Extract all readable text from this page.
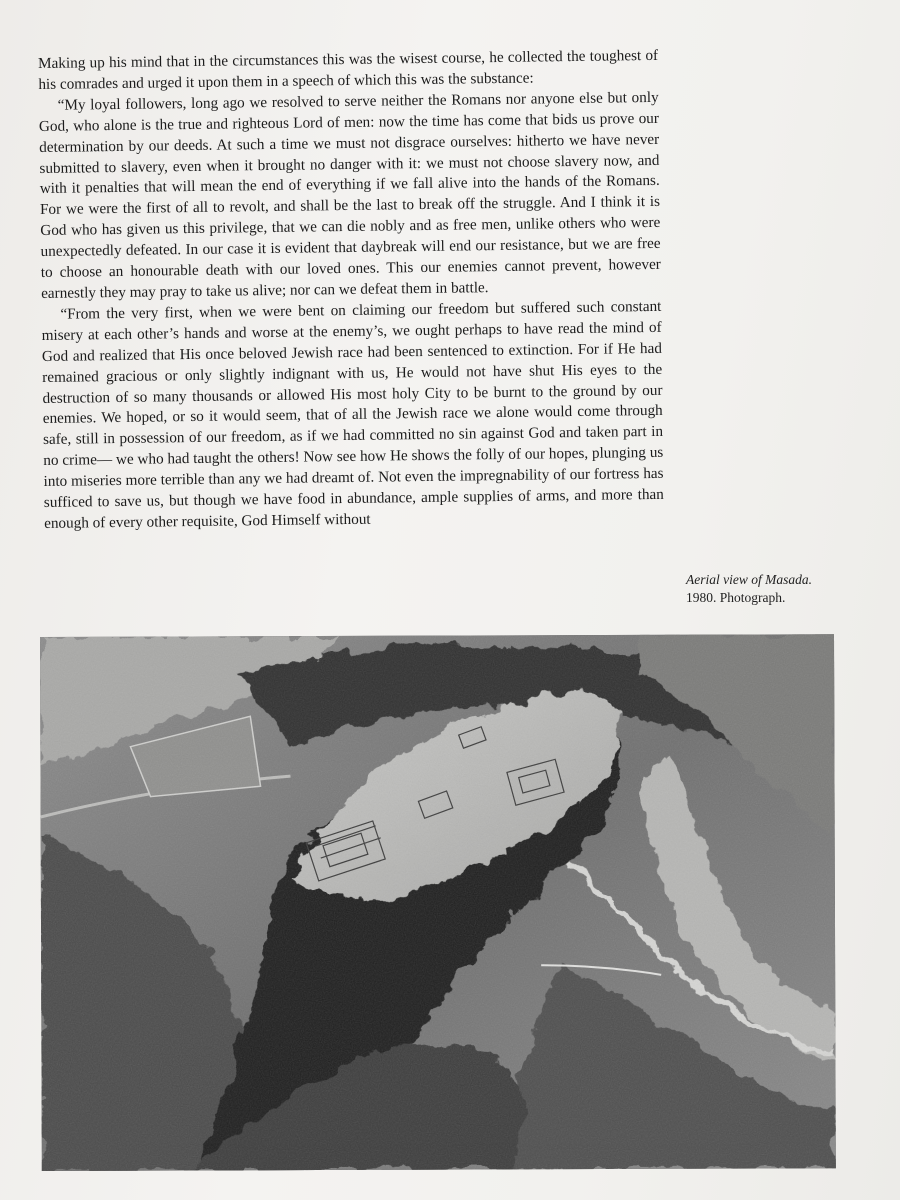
Making up his mind that in the circumstances this was the wisest course, he collected the toughest of his comrades and urged it upon them in a speech of which this was the substance:

“My loyal followers, long ago we resolved to serve neither the Romans nor anyone else but only God, who alone is the true and righteous Lord of men: now the time has come that bids us prove our determination by our deeds. At such a time we must not disgrace ourselves: hitherto we have never submitted to slavery, even when it brought no danger with it: we must not choose slavery now, and with it penalties that will mean the end of everything if we fall alive into the hands of the Romans. For we were the first of all to revolt, and shall be the last to break off the struggle. And I think it is God who has given us this privilege, that we can die nobly and as free men, unlike others who were unexpectedly defeated. In our case it is evident that daybreak will end our resistance, but we are free to choose an honourable death with our loved ones. This our enemies cannot prevent, however earnestly they may pray to take us alive; nor can we defeat them in battle.

“From the very first, when we were bent on claiming our freedom but suffered such constant misery at each other’s hands and worse at the enemy’s, we ought perhaps to have read the mind of God and realized that His once beloved Jewish race had been sentenced to extinction. For if He had remained gracious or only slightly indignant with us, He would not have shut His eyes to the destruction of so many thousands or allowed His most holy City to be burnt to the ground by our enemies. We hoped, or so it would seem, that of all the Jewish race we alone would come through safe, still in possession of our freedom, as if we had committed no sin against God and taken part in no crime— we who had taught the others! Now see how He shows the folly of our hopes, plunging us into miseries more terrible than any we had dreamt of. Not even the impregnability of our fortress has sufficed to save us, but though we have food in abundance, ample supplies of arms, and more than enough of every other requisite, God Himself without

Aerial view of Masada.
1980. Photograph.
